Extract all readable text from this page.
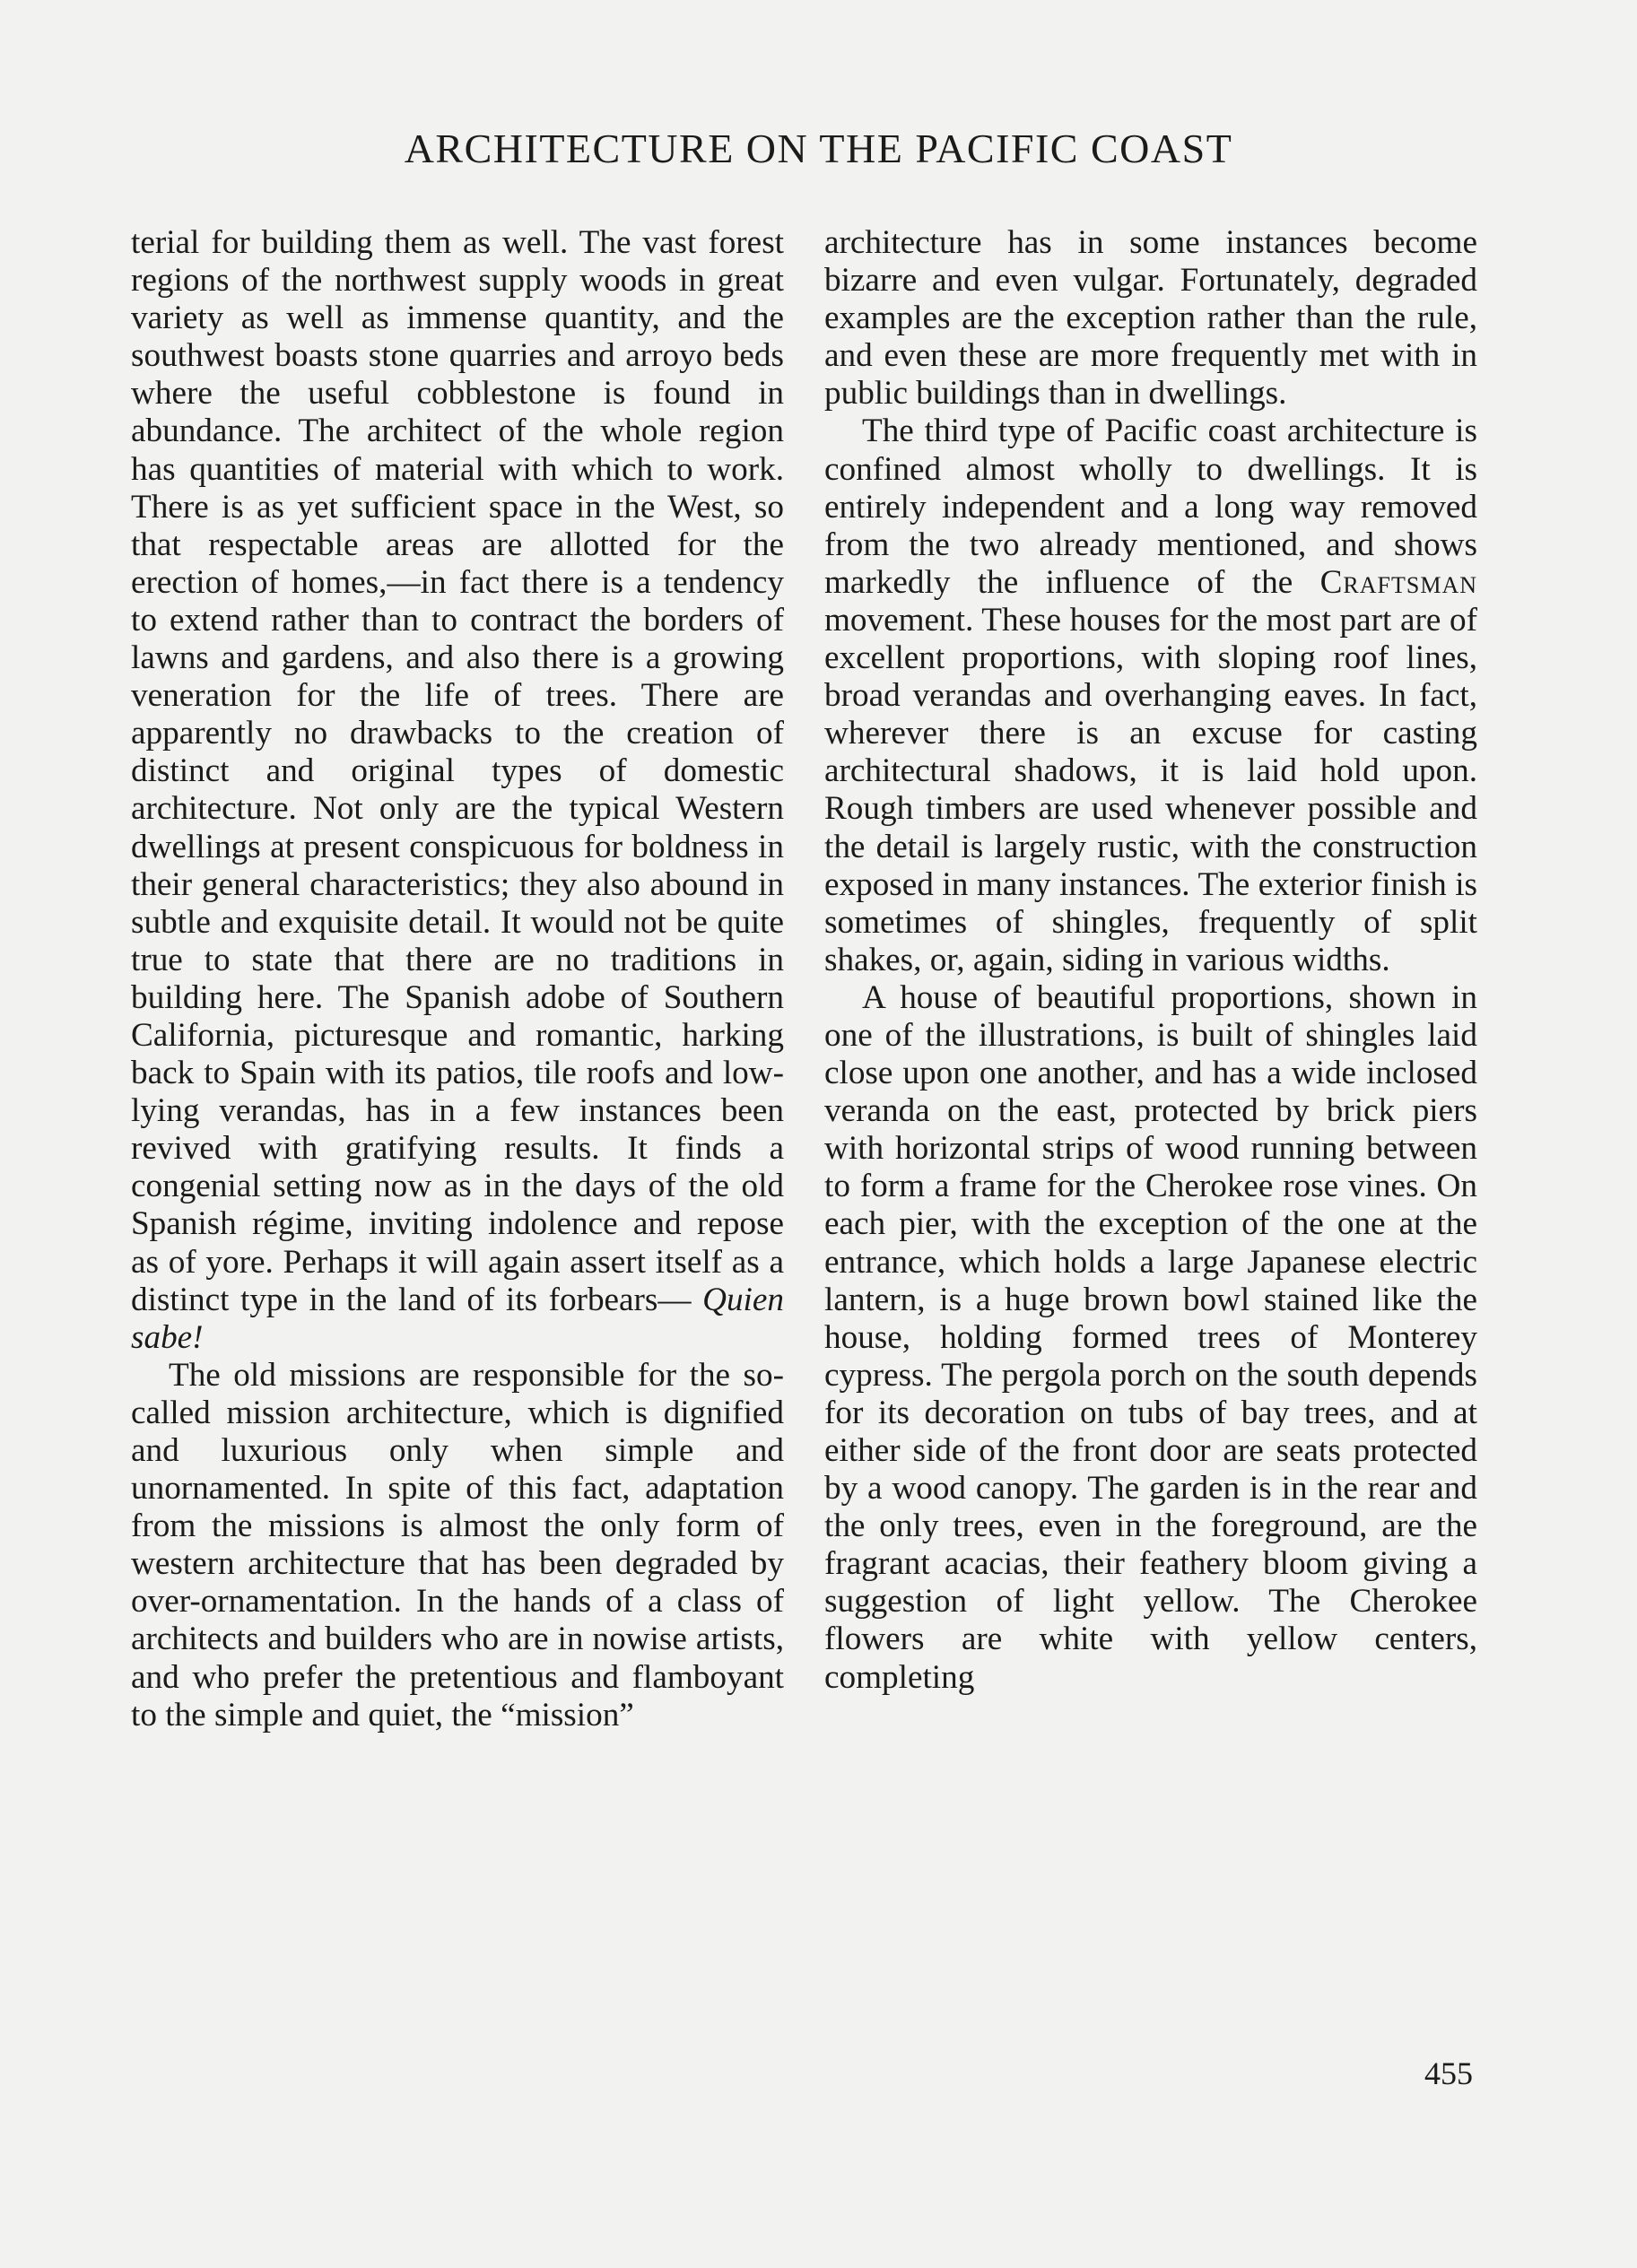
ARCHITECTURE ON THE PACIFIC COAST

terial for building them as well. The vast forest regions of the northwest supply woods in great variety as well as immense quantity, and the southwest boasts stone quarries and arroyo beds where the useful cobblestone is found in abundance. The architect of the whole region has quantities of material with which to work. There is as yet sufficient space in the West, so that respectable areas are allotted for the erection of homes,—in fact there is a tendency to extend rather than to contract the borders of lawns and gardens, and also there is a growing veneration for the life of trees. There are apparently no drawbacks to the creation of distinct and original types of domestic architecture. Not only are the typical Western dwellings at present conspicuous for boldness in their general characteristics; they also abound in subtle and exquisite detail. It would not be quite true to state that there are no traditions in building here. The Spanish adobe of Southern California, picturesque and romantic, harking back to Spain with its patios, tile roofs and low-lying verandas, has in a few instances been revived with gratifying results. It finds a congenial setting now as in the days of the old Spanish régime, inviting indolence and repose as of yore. Perhaps it will again assert itself as a distinct type in the land of its forbears— Quien sabe!

The old missions are responsible for the so-called mission architecture, which is dignified and luxurious only when simple and unornamented. In spite of this fact, adaptation from the missions is almost the only form of western architecture that has been degraded by over-ornamentation. In the hands of a class of architects and builders who are in nowise artists, and who prefer the pretentious and flamboyant to the simple and quiet, the “mission”

architecture has in some instances become bizarre and even vulgar. Fortunately, degraded examples are the exception rather than the rule, and even these are more frequently met with in public buildings than in dwellings.

The third type of Pacific coast architecture is confined almost wholly to dwellings. It is entirely independent and a long way removed from the two already mentioned, and shows markedly the influence of the Craftsman movement. These houses for the most part are of excellent proportions, with sloping roof lines, broad verandas and overhanging eaves. In fact, wherever there is an excuse for casting architectural shadows, it is laid hold upon. Rough timbers are used whenever possible and the detail is largely rustic, with the construction exposed in many instances. The exterior finish is sometimes of shingles, frequently of split shakes, or, again, siding in various widths.

A house of beautiful proportions, shown in one of the illustrations, is built of shingles laid close upon one another, and has a wide inclosed veranda on the east, protected by brick piers with horizontal strips of wood running between to form a frame for the Cherokee rose vines. On each pier, with the exception of the one at the entrance, which holds a large Japanese electric lantern, is a huge brown bowl stained like the house, holding formed trees of Monterey cypress. The pergola porch on the south depends for its decoration on tubs of bay trees, and at either side of the front door are seats protected by a wood canopy. The garden is in the rear and the only trees, even in the foreground, are the fragrant acacias, their feathery bloom giving a suggestion of light yellow. The Cherokee flowers are white with yellow centers, completing

455
